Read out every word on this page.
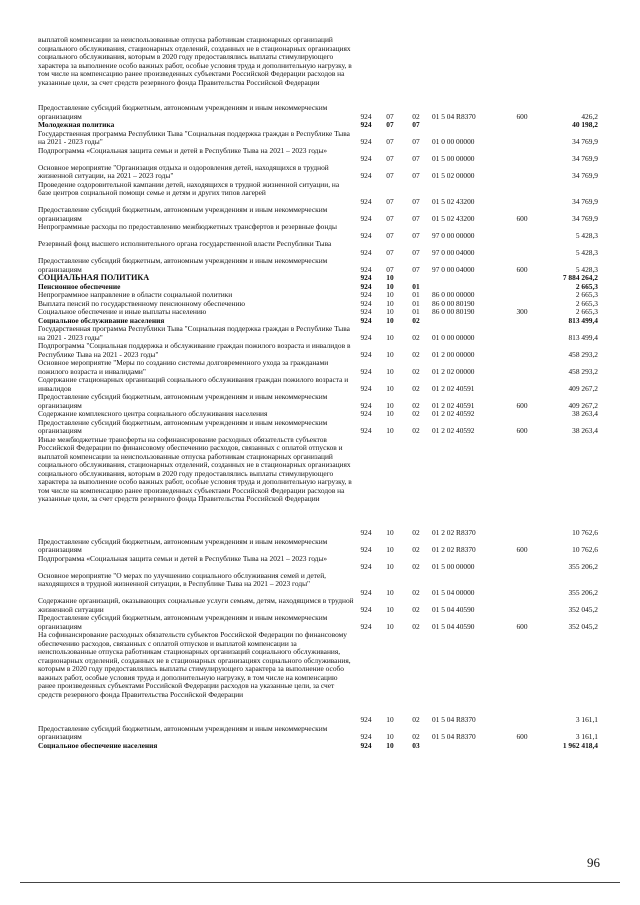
выплатой компенсации за неиспользованные отпуска работникам стационарных организаций социального обслуживания, стационарных отделений, созданных не в стационарных организациях социального обслуживания, которым в 2020 году предоставлялись выплаты стимулирующего характера за выполнение особо важных работ, особые условия труда и дополнительную нагрузку, в том числе на компенсацию ранее произведенных субъектами Российской Федерации расходов на указанные цели, за счет средств резервного фонда Правительства Российской Федерации
Предоставление субсидий бюджетным, автономным учреждениям и иным некоммерческим организациям	924	07	02	01 5 04 R8370	600	426,2
Молодежная политика	924	07	07	40 198,2
Государственная программа Республики Тыва "Социальная поддержка граждан в Республике Тыва на 2021 - 2023 годы"	924	07	07	01 0 00 00000	34 769,9
Подпрограмма «Социальная защита семьи и детей в Республике Тыва на 2021 – 2023 годы»
924	07	07	01 5 00 00000	34 769,9
Основное мероприятие "Организация отдыха и оздоровления детей, находящихся в трудной жизненной ситуации, на 2021 – 2023 годы"	924	07	07	01 5 02 00000	34 769,9
Проведение оздоровительной кампании детей, находящихся в трудной жизненной ситуации, на базе центров социальной помощи семье и детям и других типов лагерей
924	07	07	01 5 02 43200	34 769,9
Предоставление субсидий бюджетным, автономным учреждениям и иным некоммерческим организациям	924	07	07	01 5 02 43200	600	34 769,9
Непрограммные расходы по предоставлению межбюджетных трансфертов и резервные фонды
924	07	07	97 0 00 00000	5 428,3
Резервный фонд высшего исполнительного органа государственной власти Республики Тыва
924	07	07	97 0 00 04000	5 428,3
Предоставление субсидий бюджетным, автономным учреждениям и иным некоммерческим организациям	924	07	07	97 0 00 04000	600	5 428,3
СОЦИАЛЬНАЯ ПОЛИТИКА	924	10	7 884 264,2
Пенсионное обеспечение	924	10	01	2 665,3
Непрограммное направление в области социальной политики	924	10	01	86 0 00 00000	2 665,3
Выплата пенсий по государственному пенсионному обеспечению	924	10	01	86 0 00 80190	2 665,3
Социальное обеспечение и иные выплаты населению	924	10	01	86 0 00 80190	300	2 665,3
Социальное обслуживание населения	924	10	02	813 499,4
Государственная программа Республики Тыва "Социальная поддержка граждан в Республике Тыва на 2021 - 2023 годы"	924	10	02	01 0 00 00000	813 499,4
Подпрограмма "Социальная поддержка и обслуживание граждан пожилого возраста и инвалидов в Республике Тыва на 2021 - 2023 годы"	924	10	02	01 2 00 00000	458 293,2
Основное мероприятие "Меры по созданию системы долговременного ухода за гражданами пожилого возраста и инвалидами"	924	10	02	01 2 02 00000	458 293,2
Содержание стационарных организаций социального обслуживания граждан пожилого возраста и инвалидов	924	10	02	01 2 02 40591	409 267,2
Предоставление субсидий бюджетным, автономным учреждениям и иным некоммерческим организациям	924	10	02	01 2 02 40591	600	409 267,2
Содержание комплексного центра социального обслуживания населения	924	10	02	01 2 02 40592	38 263,4
Предоставление субсидий бюджетным, автономным учреждениям и иным некоммерческим организациям	924	10	02	01 2 02 40592	600	38 263,4
Иные межбюджетные трансферты на софинансирование расходных обязательств субъектов Российской Федерации по финансовому обеспечению расходов, связанных с оплатой отпусков и выплатой компенсации за неиспользованные отпуска работникам стационарных организаций социального обслуживания, стационарных отделений, созданных не в стационарных организациях социального обслуживания, которым в 2020 году предоставлялись выплаты стимулирующего характера за выполнение особо важных работ, особые условия труда и дополнительную нагрузку, в том числе на компенсацию ранее произведенных субъектами Российской Федерации расходов на указанные цели, за счет средств резервного фонда Правительства Российской Федерации
924	10	02	01 2 02 R8370	10 762,6
Предоставление субсидий бюджетным, автономным учреждениям и иным некоммерческим организациям	924	10	02	01 2 02 R8370	600	10 762,6
Подпрограмма «Социальная защита семьи и детей в Республике Тыва на 2021 – 2023 годы»
924	10	02	01 5 00 00000	355 206,2
Основное мероприятие "О мерах по улучшению социального обслуживания семей и детей, находящихся в трудной жизненной ситуации, в Республике Тыва на 2021 – 2023 годы"
924	10	02	01 5 04 00000	355 206,2
Содержание организаций, оказывающих социальные услуги семьям, детям, находящимся в трудной жизненной ситуации	924	10	02	01 5 04 40590	352 045,2
Предоставление субсидий бюджетным, автономным учреждениям и иным некоммерческим организациям	924	10	02	01 5 04 40590	600	352 045,2
На софинансирование расходных обязательств субъектов Российской Федерации по финансовому обеспечению расходов, связанных с оплатой отпусков и выплатой компенсации за неиспользованные отпуска работникам стационарных организаций социального обслуживания, стационарных отделений, созданных не в стационарных организациях социального обслуживания, которым в 2020 году предоставлялись выплаты стимулирующего характера за выполнение особо важных работ, особые условия труда и дополнительную нагрузку, в том числе на компенсацию ранее произведенных субъектами Российской Федерации расходов на указанные цели, за счет средств резервного фонда Правительства Российской Федерации
924	10	02	01 5 04 R8370	3 161,1
Предоставление субсидий бюджетным, автономным учреждениям и иным некоммерческим организациям	924	10	02	01 5 04 R8370	600	3 161,1
Социальное обеспечение населения	924	10	03	1 962 418,4
96
